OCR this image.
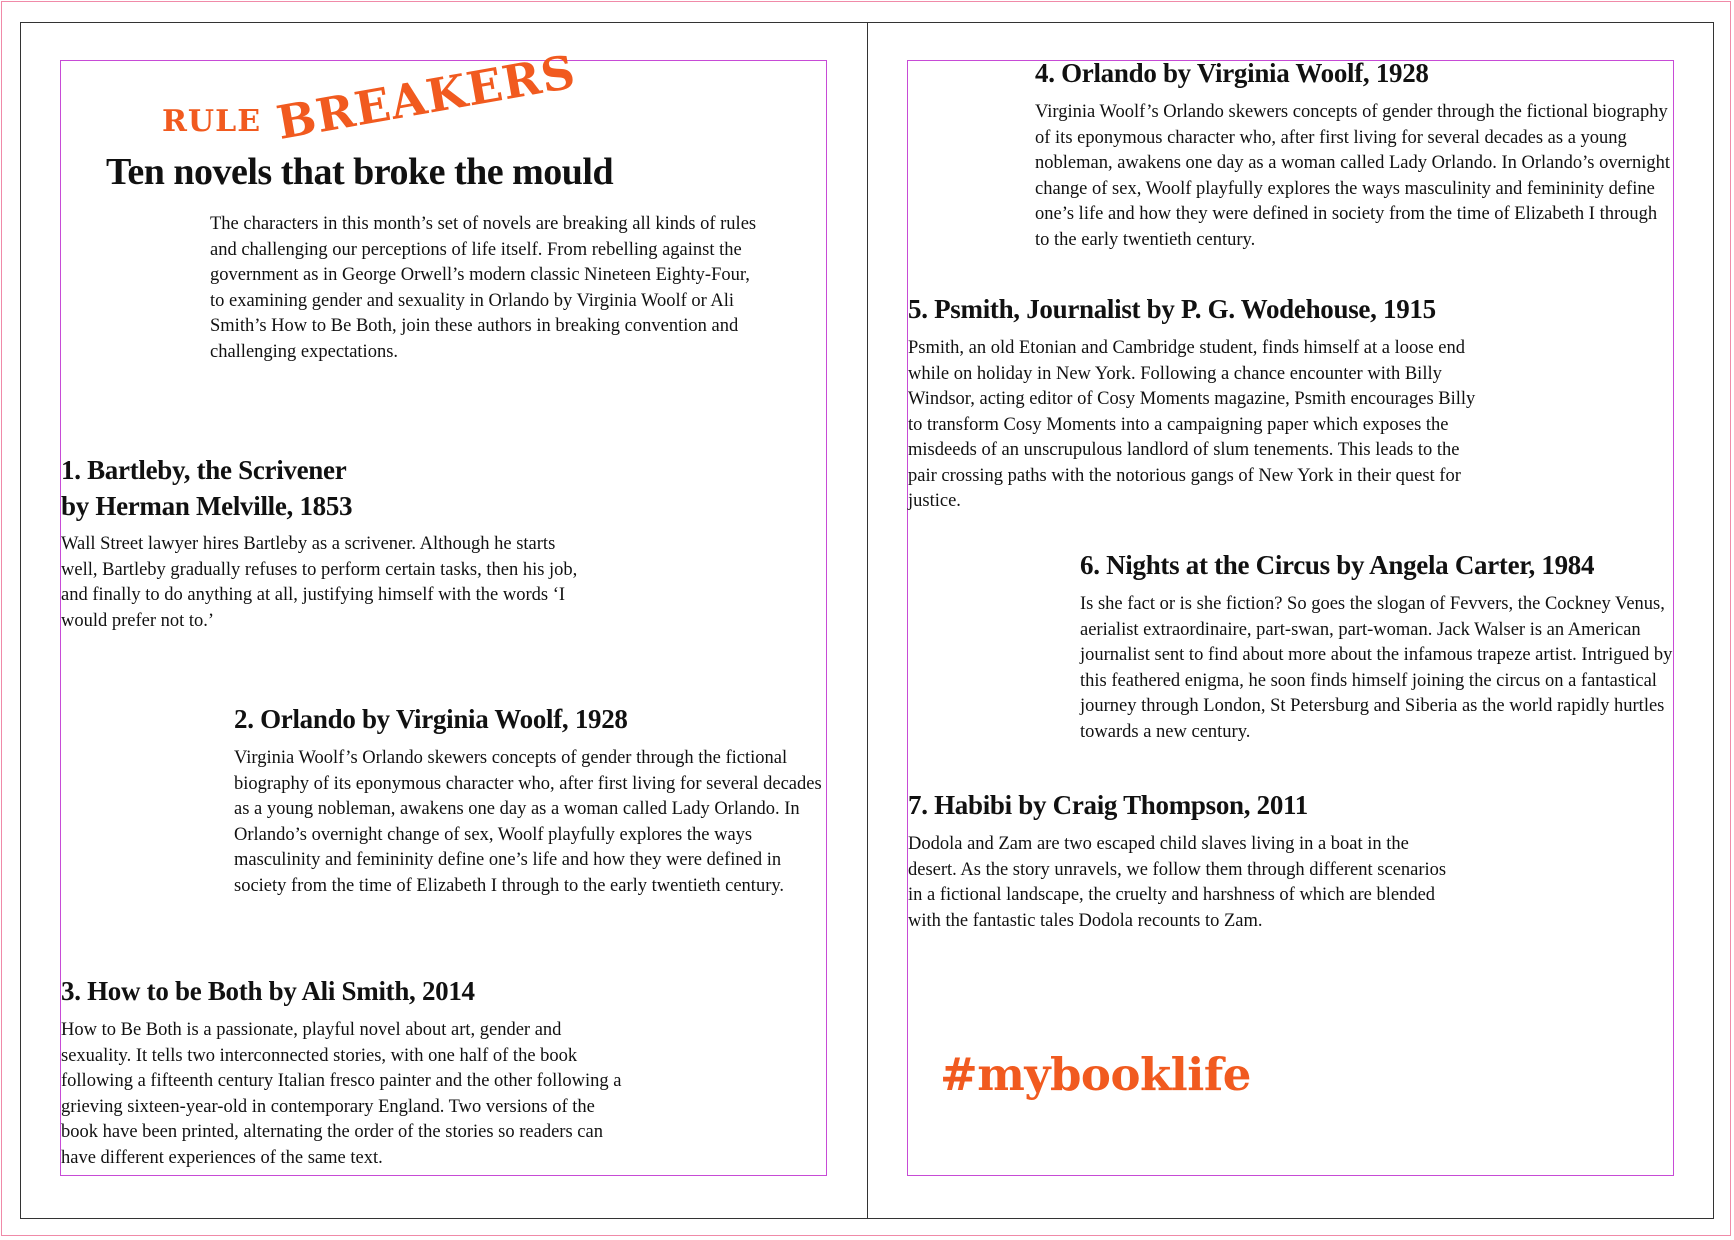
RULE BREAKERS
Ten novels that broke the mould
The characters in this month’s set of novels are breaking all kinds of rules and challenging our perceptions of life itself. From rebelling against the government as in George Orwell’s modern classic Nineteen Eighty-Four, to examining gender and sexuality in Orlando by Virginia Woolf or Ali Smith’s How to Be Both, join these authors in breaking convention and challenging expectations.
1. Bartleby, the Scrivener
by Herman Melville, 1853

Wall Street lawyer hires Bartleby as a scrivener. Although he starts well, Bartleby gradually refuses to perform certain tasks, then his job, and finally to do anything at all, justifying himself with the words ‘I would prefer not to.’

2. Orlando by Virginia Woolf, 1928

Virginia Woolf’s Orlando skewers concepts of gender through the fictional biography of its eponymous character who, after first living for several decades as a young nobleman, awakens one day as a woman called Lady Orlando. In Orlando’s overnight change of sex, Woolf playfully explores the ways masculinity and femininity define one’s life and how they were defined in society from the time of Elizabeth I through to the early twentieth century.

3. How to be Both by Ali Smith, 2014

How to Be Both is a passionate, playful novel about art, gender and sexuality. It tells two interconnected stories, with one half of the book following a fifteenth century Italian fresco painter and the other following a grieving sixteen-year-old in contemporary England. Two versions of the book have been printed, alternating the order of the stories so readers can have different experiences of the same text.

4. Orlando by Virginia Woolf, 1928

Virginia Woolf’s Orlando skewers concepts of gender through the fictional biography of its eponymous character who, after first living for several decades as a young nobleman, awakens one day as a woman called Lady Orlando. In Orlando’s overnight change of sex, Woolf playfully explores the ways masculinity and femininity define one’s life and how they were defined in society from the time of Elizabeth I through to the early twentieth century.

5. Psmith, Journalist by P. G. Wodehouse, 1915

Psmith, an old Etonian and Cambridge student, finds himself at a loose end while on holiday in New York. Following a chance encounter with Billy Windsor, acting editor of Cosy Moments magazine, Psmith encourages Billy to transform Cosy Moments into a campaigning paper which exposes the misdeeds of an unscrupulous landlord of slum tenements. This leads to the pair crossing paths with the notorious gangs of New York in their quest for justice.

6. Nights at the Circus by Angela Carter, 1984

Is she fact or is she fiction? So goes the slogan of Fevvers, the Cockney Venus, aerialist extraordinaire, part-swan, part-woman. Jack Walser is an American journalist sent to find about more about the infamous trapeze artist. Intrigued by this feathered enigma, he soon finds himself joining the circus on a fantastical journey through London, St Petersburg and Siberia as the world rapidly hurtles towards a new century.

7. Habibi by Craig Thompson, 2011

Dodola and Zam are two escaped child slaves living in a boat in the desert. As the story unravels, we follow them through different scenarios in a fictional landscape, the cruelty and harshness of which are blended with the fantastic tales Dodola recounts to Zam.

#mybooklife
